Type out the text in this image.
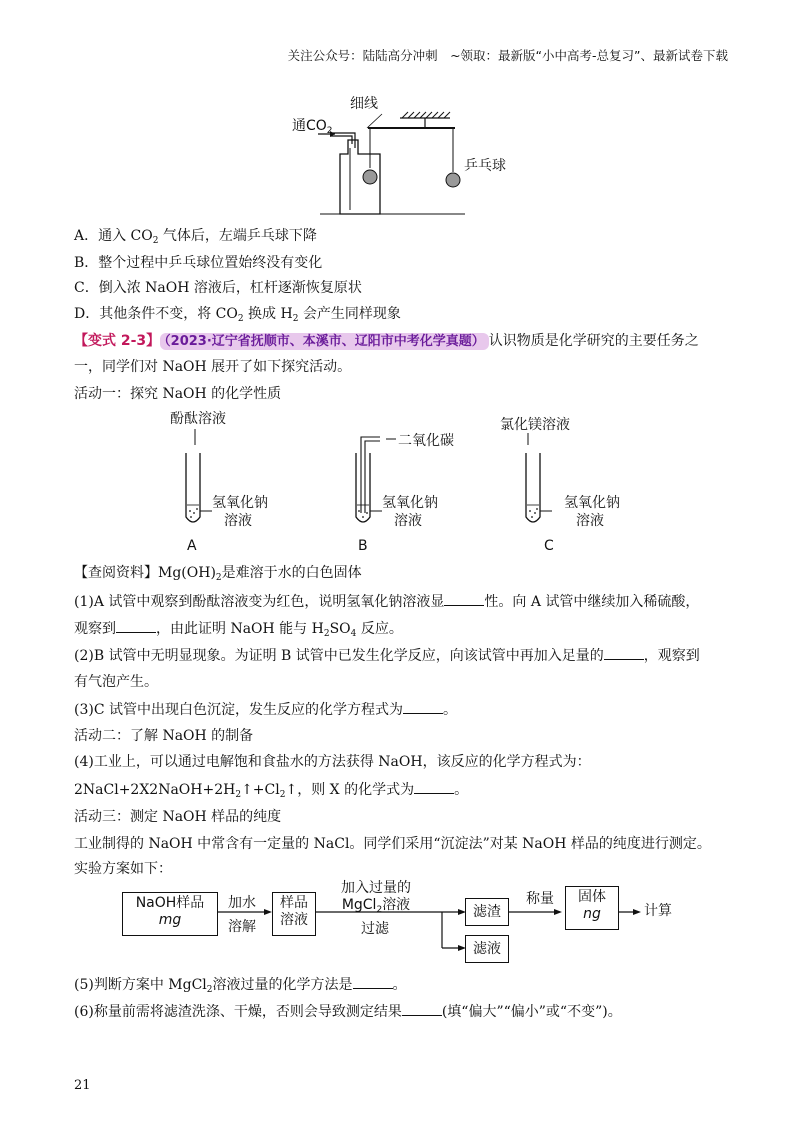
关注公众号：陆陆高分冲刺　~领取：最新版“小中高考-总复习”、最新试卷下载
细线
通$CO_2$
乒乓球
A．通入 $CO_2$ 气体后，左端乒乓球下降
B．整个过程中乒乓球位置始终没有变化
C．倒入浓 NaOH 溶液后，杠杆逐渐恢复原状
D．其他条件不变，将 $CO_2$ 换成 $H_2$ 会产生同样现象
【变式 2-3】 （2023·辽宁省抚顺市、本溪市、辽阳市中考化学真题） 认识物质是化学研究的主要任务之
一，同学们对 NaOH 展开了如下探究活动。
活动一：探究 NaOH 的化学性质
酚酞溶液
氢氧化钠
溶液
A
二氧化碳
氢氧化钠
溶液
B
氯化镁溶液
氢氧化钠
溶液
C
【查阅资料】$Mg(OH)_2$是难溶于水的白色固体
(1)A 试管中观察到酚酞溶液变为红色，说明氢氧化钠溶液显	性。向 A 试管中继续加入稀硫酸，
观察到	，由此证明 NaOH 能与 $H_2SO_4$ 反应。
(2)B 试管中无明显现象。为证明 B 试管中已发生化学反应，向该试管中再加入足量的	，观察到
有气泡产生。
(3)C 试管中出现白色沉淀，发生反应的化学方程式为	。
活动二：了解 NaOH 的制备
(4)工业上，可以通过电解饱和食盐水的方法获得 NaOH，该反应的化学方程式为：
$2NaCl+2X2NaOH+2H_2↑+Cl_2↑$，则 X 的化学式为	。
活动三：测定 NaOH 样品的纯度
工业制得的 NaOH 中常含有一定量的 NaCl。同学们采用“沉淀法”对某 NaOH 样品的纯度进行测定。
实验方案如下：
NaOH样品
mg
加水
溶解
样品
溶液
加入过量的
MgCl$_2$溶液
过滤
滤渣
滤液
称量	固体
ng	计算
(5)判断方案中 MgCl$_2$溶液过量的化学方法是	。
(6)称量前需将滤渣洗涤、干燥，否则会导致测定结果	(填“偏大”“偏小”或“不变”)。
21
